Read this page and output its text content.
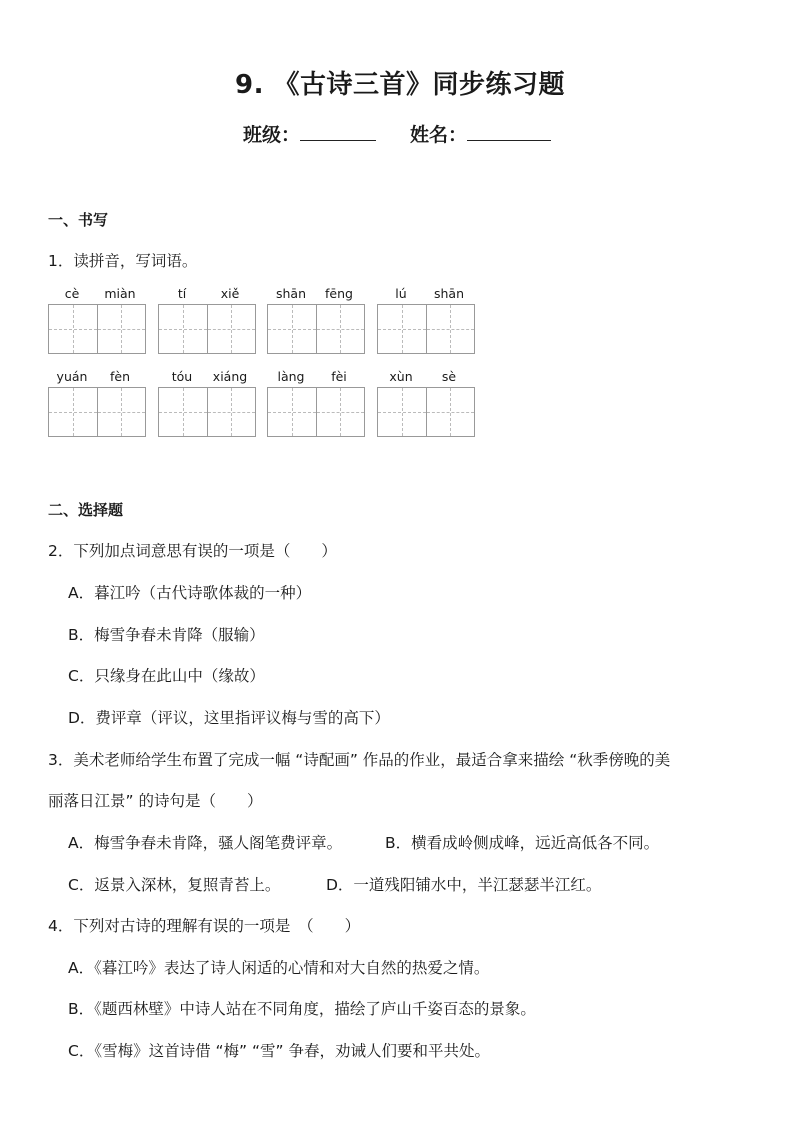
9. 《古诗三首》同步练习题
班级：	姓名：
一、书写
1．读拼音，写词语。
cè	miàn	tí	xiě	shān	fēng	lú	shān
yuán	fèn	tóu	xiáng	làng	fèi	xùn	sè
二、选择题
2．下列加点词意思有误的一项是（　　）
A．暮江吟（古代诗歌体裁的一种）
B．梅雪争春未肯降（服输）
C．只缘身在此山中（缘故）
D．费评章（评议，这里指评议梅与雪的高下）
3．美术老师给学生布置了完成一幅 “诗配画” 作品的作业，最适合拿来描绘 “秋季傍晚的美
丽落日江景” 的诗句是（　　）
A．梅雪争春未肯降，骚人阁笔费评章。	B．横看成岭侧成峰，远近高低各不同。
C．返景入深林，复照青苔上。	D．一道残阳铺水中，半江瑟瑟半江红。
4．下列对古诗的理解有误的一项是　（　　）
A．《暮江吟》表达了诗人闲适的心情和对大自然的热爱之情。
B．《题西林壁》中诗人站在不同角度，描绘了庐山千姿百态的景象。
C．《雪梅》这首诗借 “梅” “雪” 争春，劝诫人们要和平共处。
